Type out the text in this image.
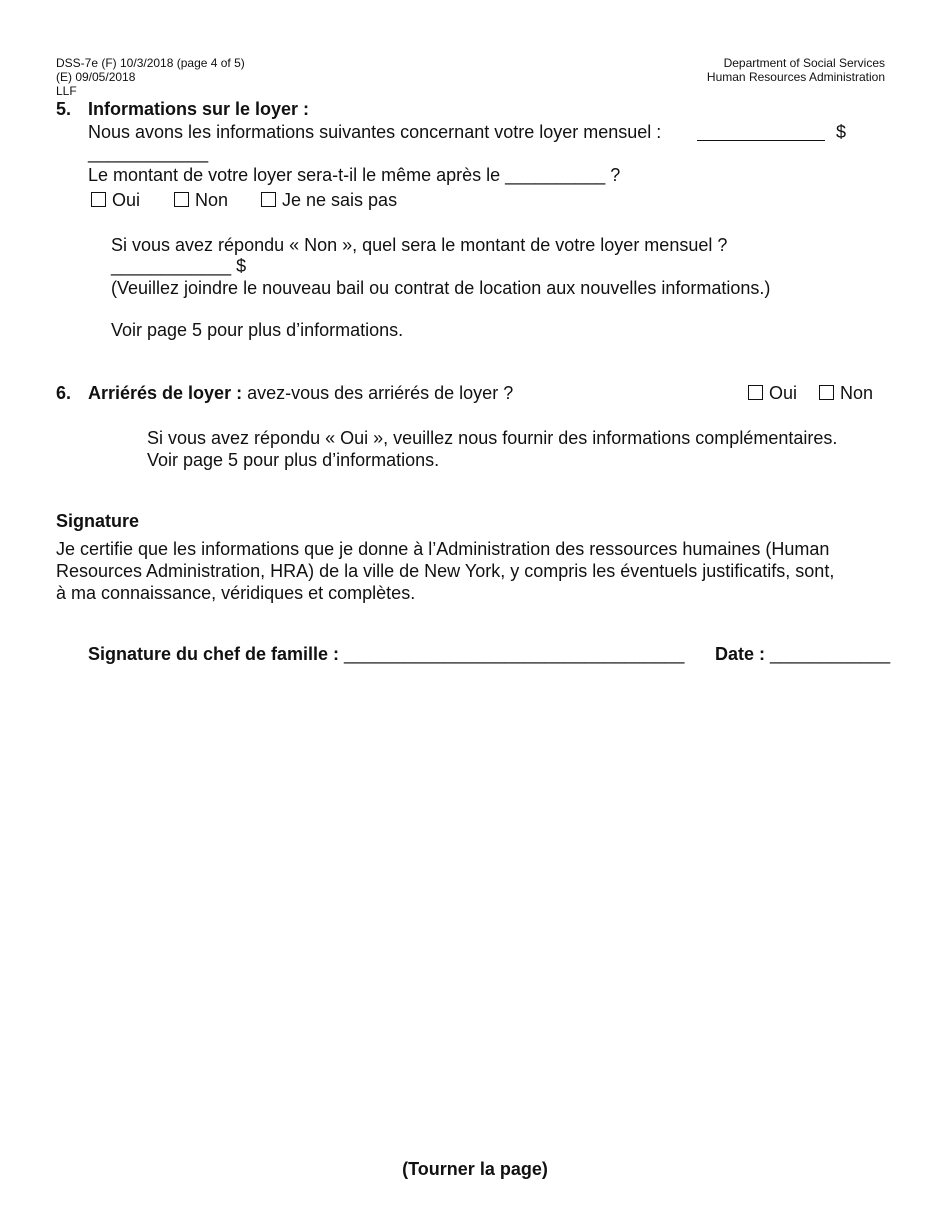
DSS-7e (F) 10/3/2018 (page 4 of 5)
(E) 09/05/2018
LLF
Department of Social Services
Human Resources Administration
5. Informations sur le loyer :
Nous avons les informations suivantes concernant votre loyer mensuel :	$
____________
Le montant de votre loyer sera-t-il le même après le __________ ?
Oui	Non	Je ne sais pas
Si vous avez répondu « Non », quel sera le montant de votre loyer mensuel ?
____________ $
(Veuillez joindre le nouveau bail ou contrat de location aux nouvelles informations.)
Voir page 5 pour plus d’informations.
6. Arriérés de loyer : avez-vous des arriérés de loyer ?	Oui	Non
Si vous avez répondu « Oui », veuillez nous fournir des informations complémentaires.
Voir page 5 pour plus d’informations.
Signature
Je certifie que les informations que je donne à l’Administration des ressources humaines (Human
Resources Administration, HRA) de la ville de New York, y compris les éventuels justificatifs, sont,
à ma connaissance, véridiques et complètes.
Signature du chef de famille : __________________________________ Date : ____________
(Tourner la page)
